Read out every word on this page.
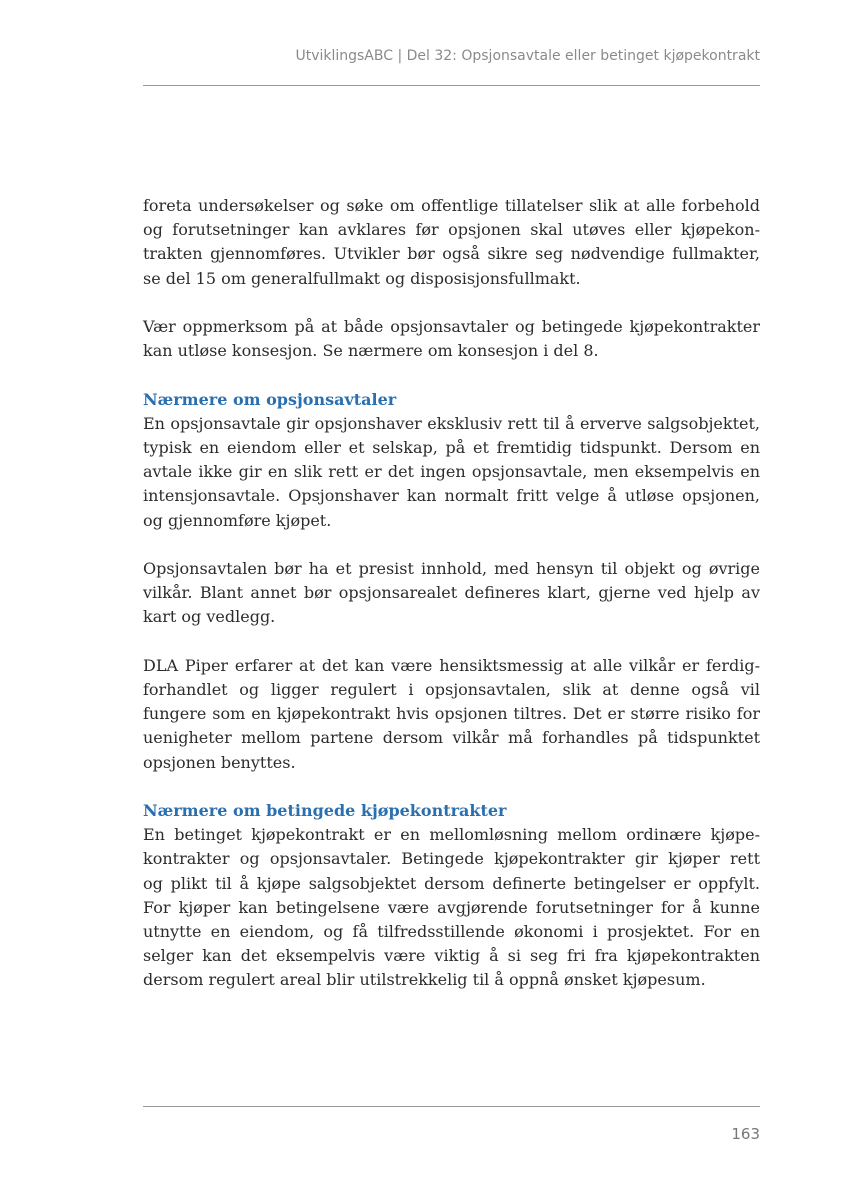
UtviklingsABC | Del 32: Opsjonsavtale eller betinget kjøpekontrakt

foreta undersøkelser og søke om offentlige tillatelser slik at alle forbehold
og forutsetninger kan avklares før opsjonen skal utøves eller kjøpekon-
trakten gjennomføres. Utvikler bør også sikre seg nødvendige fullmakter,
se del 15 om generalfullmakt og disposisjonsfullmakt.

Vær oppmerksom på at både opsjonsavtaler og betingede kjøpekontrakter
kan utløse konsesjon. Se nærmere om konsesjon i del 8.

Nærmere om opsjonsavtaler

En opsjonsavtale gir opsjonshaver eksklusiv rett til å erverve salgsobjektet,
typisk en eiendom eller et selskap, på et fremtidig tidspunkt. Dersom en
avtale ikke gir en slik rett er det ingen opsjonsavtale, men eksempelvis en
intensjonsavtale. Opsjonshaver kan normalt fritt velge å utløse opsjonen,
og gjennomføre kjøpet.

Opsjonsavtalen bør ha et presist innhold, med hensyn til objekt og øvrige
vilkår. Blant annet bør opsjonsarealet defineres klart, gjerne ved hjelp av
kart og vedlegg.

DLA Piper erfarer at det kan være hensiktsmessig at alle vilkår er ferdig-
forhandlet og ligger regulert i opsjonsavtalen, slik at denne også vil
fungere som en kjøpekontrakt hvis opsjonen tiltres. Det er større risiko for
uenigheter mellom partene dersom vilkår må forhandles på tidspunktet
opsjonen benyttes.

Nærmere om betingede kjøpekontrakter

En betinget kjøpekontrakt er en mellomløsning mellom ordinære kjøpe-
kontrakter og opsjonsavtaler. Betingede kjøpekontrakter gir kjøper rett
og plikt til å kjøpe salgsobjektet dersom definerte betingelser er oppfylt.
For kjøper kan betingelsene være avgjørende forutsetninger for å kunne
utnytte en eiendom, og få tilfredsstillende økonomi i prosjektet. For en
selger kan det eksempelvis være viktig å si seg fri fra kjøpekontrakten
dersom regulert areal blir utilstrekkelig til å oppnå ønsket kjøpesum.

163
